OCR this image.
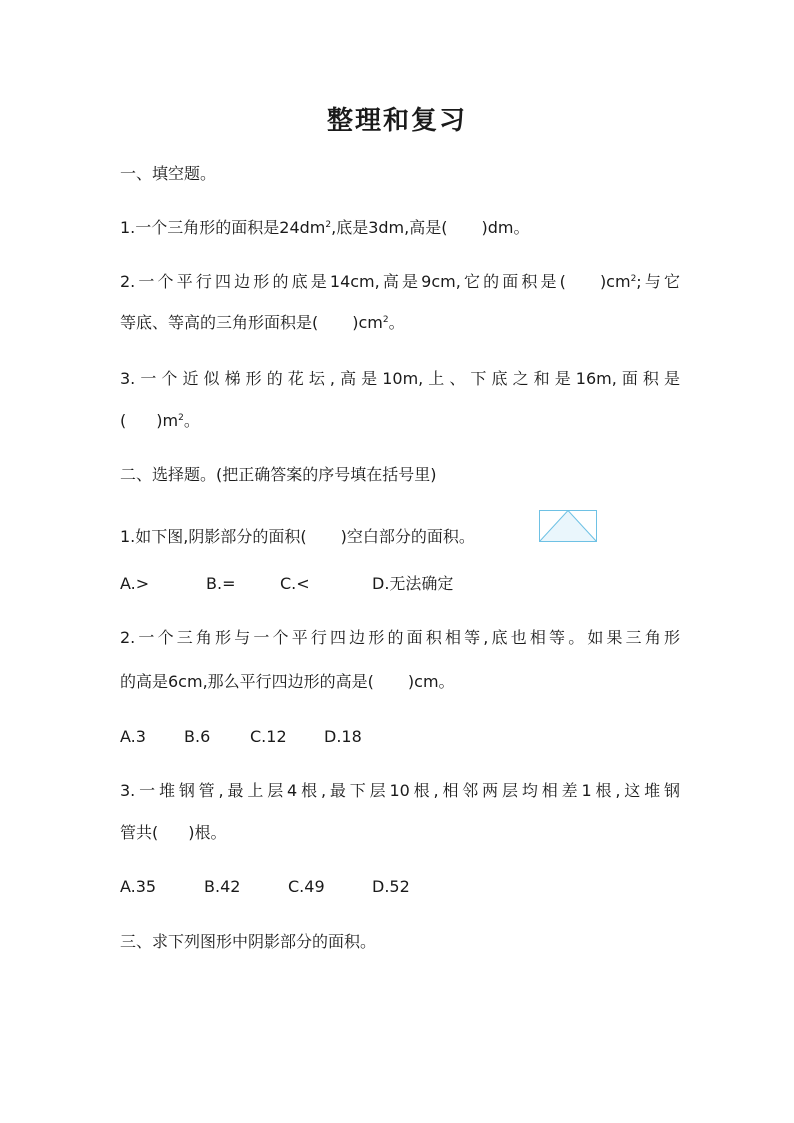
整理和复习
一、填空题。
1.一个三角形的面积是$24dm^2$,底是3dm,高是( )dm。
2.一个平行四边形的底是14cm,高是9cm,它的面积是( )$cm^2$;与它
等底、等高的三角形面积是( )$cm^2$。
3.一个近似梯形的花坛,高是10m,上、下底之和是16m,面积是
( )$m^2$。
二、选择题。(把正确答案的序号填在括号里)
1.如下图,阴影部分的面积( )空白部分的面积。
A.>	B.=	C.<	D.无法确定
2.一个三角形与一个平行四边形的面积相等,底也相等。如果三角形
的高是6cm,那么平行四边形的高是( )cm。
A.3 B.6 C.12 D.18
3.一堆钢管,最上层4根,最下层10根,相邻两层均相差1根,这堆钢
管共( )根。
A.35	B.42	C.49	D.52
三、求下列图形中阴影部分的面积。
